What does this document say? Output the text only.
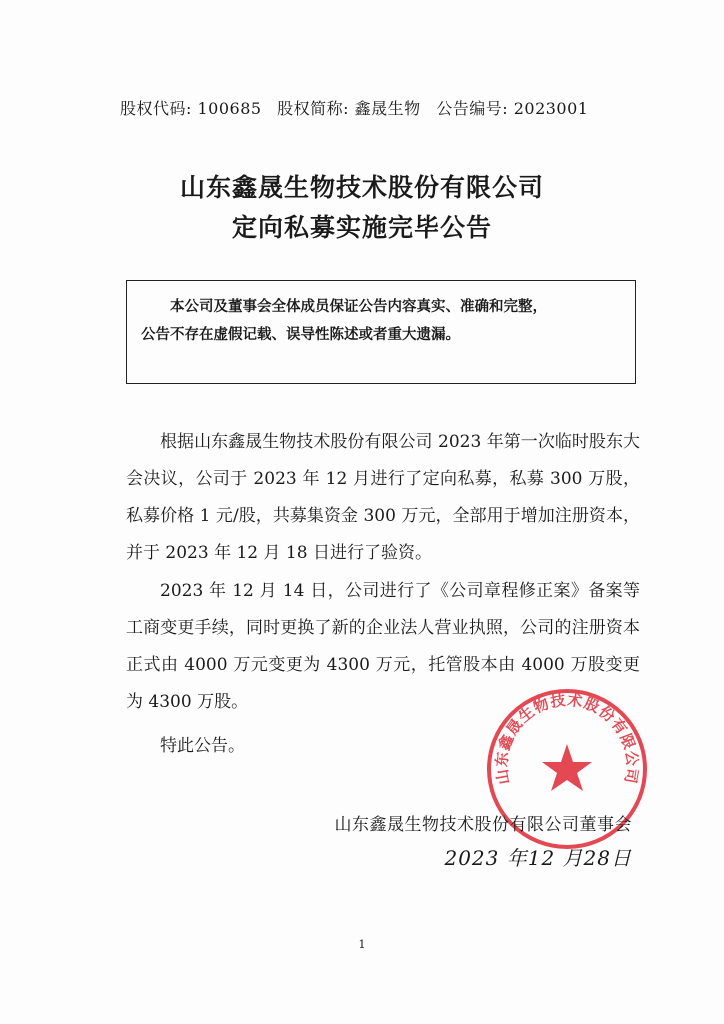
股权代码: 100685 股权简称: 鑫晟生物 公告编号: 2023001
山东鑫晟生物技术股份有限公司
定向私募实施完毕公告
本公司及董事会全体成员保证公告内容真实、准确和完整，
公告不存在虚假记载、误导性陈述或者重大遗漏。
根据山东鑫晟生物技术股份有限公司 2023 年第一次临时股东大会决议，公司于 2023 年 12 月进行了定向私募，私募 300 万股，私募价格 1 元/股，共募集资金 300 万元，全部用于增加注册资本，并于 2023 年 12 月 18 日进行了验资。
2023 年 12 月 14 日，公司进行了《公司章程修正案》备案等工商变更手续，同时更换了新的企业法人营业执照，公司的注册资本正式由 4000 万元变更为 4300 万元，托管股本由 4000 万股变更为 4300 万股。
特此公告。
山东鑫晟生物技术股份有限公司
山东鑫晟生物技术股份有限公司董事会
2023 年12 月28日
1
